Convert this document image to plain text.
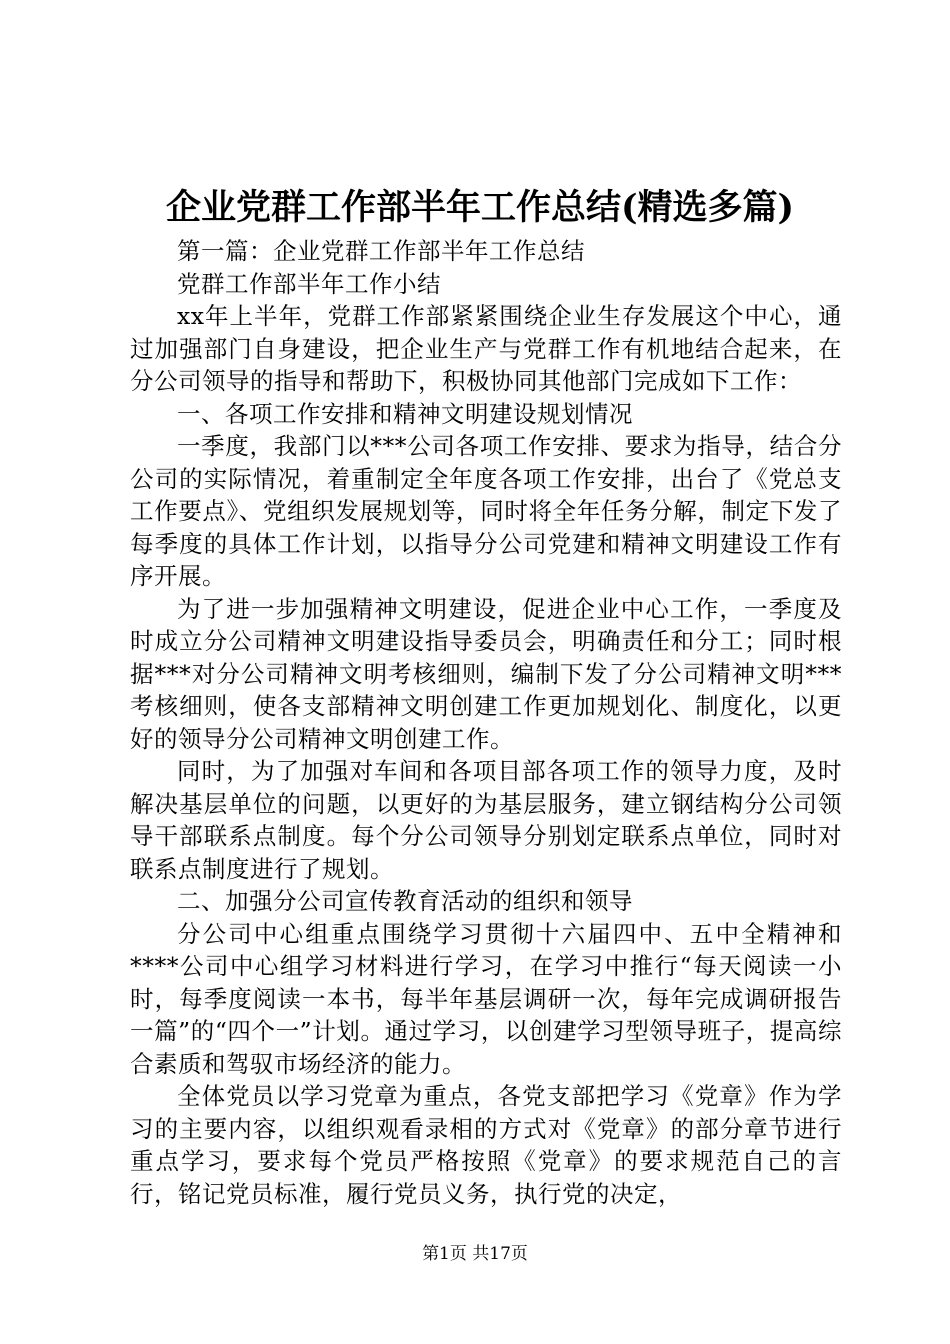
企业党群工作部半年工作总结(精选多篇)

第一篇：企业党群工作部半年工作总结

党群工作部半年工作小结

xx年上半年，党群工作部紧紧围绕企业生存发展这个中心，通过加强部门自身建设，把企业生产与党群工作有机地结合起来，在分公司领导的指导和帮助下，积极协同其他部门完成如下工作：

一、各项工作安排和精神文明建设规划情况

一季度，我部门以***公司各项工作安排、要求为指导，结合分公司的实际情况，着重制定全年度各项工作安排，出台了《党总支工作要点》、党组织发展规划等，同时将全年任务分解，制定下发了每季度的具体工作计划，以指导分公司党建和精神文明建设工作有序开展。

为了进一步加强精神文明建设，促进企业中心工作，一季度及时成立分公司精神文明建设指导委员会，明确责任和分工；同时根据***对分公司精神文明考核细则，编制下发了分公司精神文明***考核细则，使各支部精神文明创建工作更加规划化、制度化，以更好的领导分公司精神文明创建工作。

同时，为了加强对车间和各项目部各项工作的领导力度，及时解决基层单位的问题，以更好的为基层服务，建立钢结构分公司领导干部联系点制度。每个分公司领导分别划定联系点单位，同时对联系点制度进行了规划。

二、加强分公司宣传教育活动的组织和领导

分公司中心组重点围绕学习贯彻十六届四中、五中全精神和****公司中心组学习材料进行学习，在学习中推行“每天阅读一小时，每季度阅读一本书，每半年基层调研一次，每年完成调研报告一篇”的“四个一”计划。通过学习，以创建学习型领导班子，提高综合素质和驾驭市场经济的能力。

全体党员以学习党章为重点，各党支部把学习《党章》作为学习的主要内容，以组织观看录相的方式对《党章》的部分章节进行重点学习，要求每个党员严格按照《党章》的要求规范自己的言行，铭记党员标准，履行党员义务，执行党的决定，

第1页 共17页
